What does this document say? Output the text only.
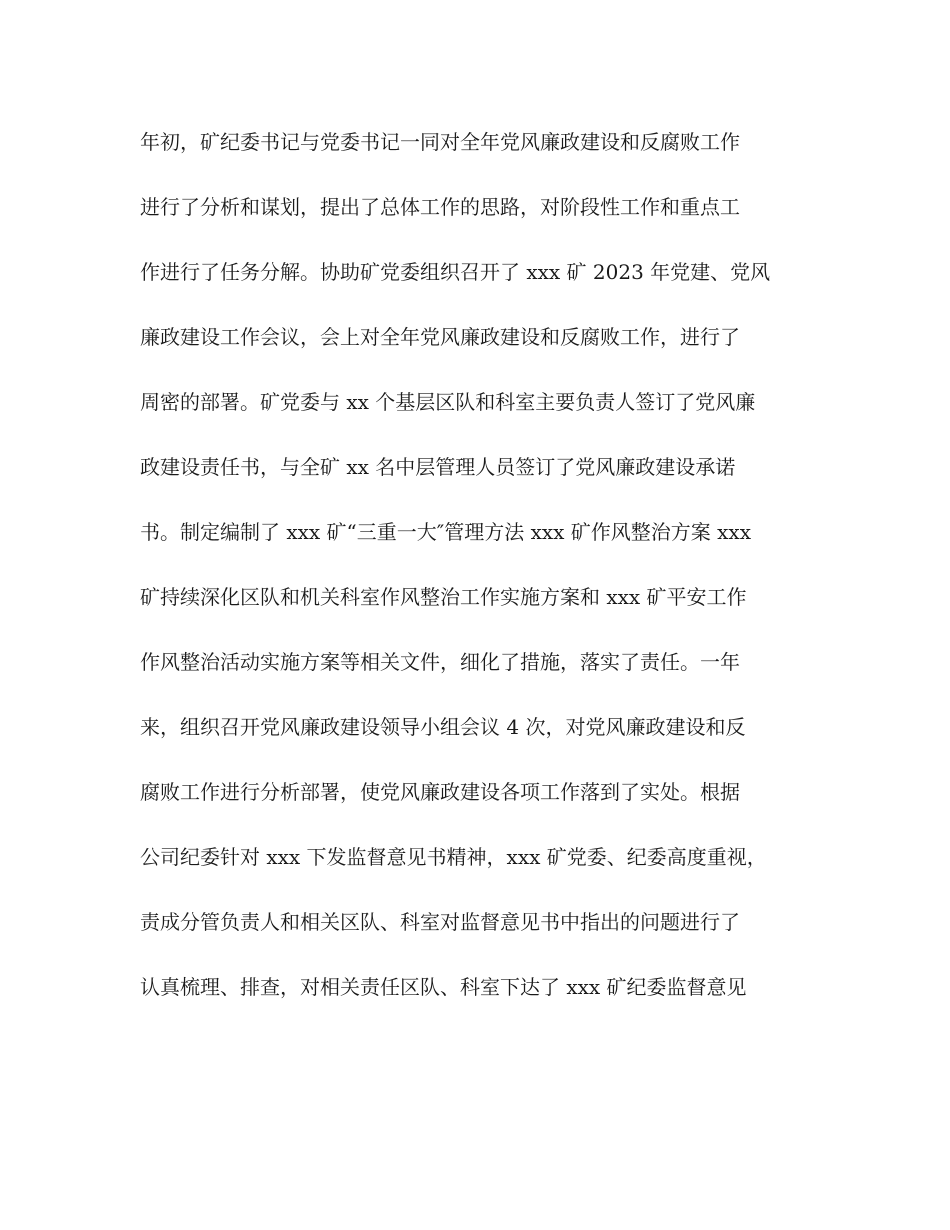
年初，矿纪委书记与党委书记一同对全年党风廉政建设和反腐败工作
进行了分析和谋划，提出了总体工作的思路，对阶段性工作和重点工
作进行了任务分解。协助矿党委组织召开了 xxx 矿 2023 年党建、党风
廉政建设工作会议，会上对全年党风廉政建设和反腐败工作，进行了
周密的部署。矿党委与 xx 个基层区队和科室主要负责人签订了党风廉
政建设责任书，与全矿 xx 名中层管理人员签订了党风廉政建设承诺
书。制定编制了 xxx 矿“三重一大″管理方法 xxx 矿作风整治方案 xxx
矿持续深化区队和机关科室作风整治工作实施方案和 xxx 矿平安工作
作风整治活动实施方案等相关文件，细化了措施，落实了责任。一年
来，组织召开党风廉政建设领导小组会议 4 次，对党风廉政建设和反
腐败工作进行分析部署，使党风廉政建设各项工作落到了实处。根据
公司纪委针对 xxx 下发监督意见书精神，xxx 矿党委、纪委高度重视，
责成分管负责人和相关区队、科室对监督意见书中指出的问题进行了
认真梳理、排查，对相关责任区队、科室下达了 xxx 矿纪委监督意见
